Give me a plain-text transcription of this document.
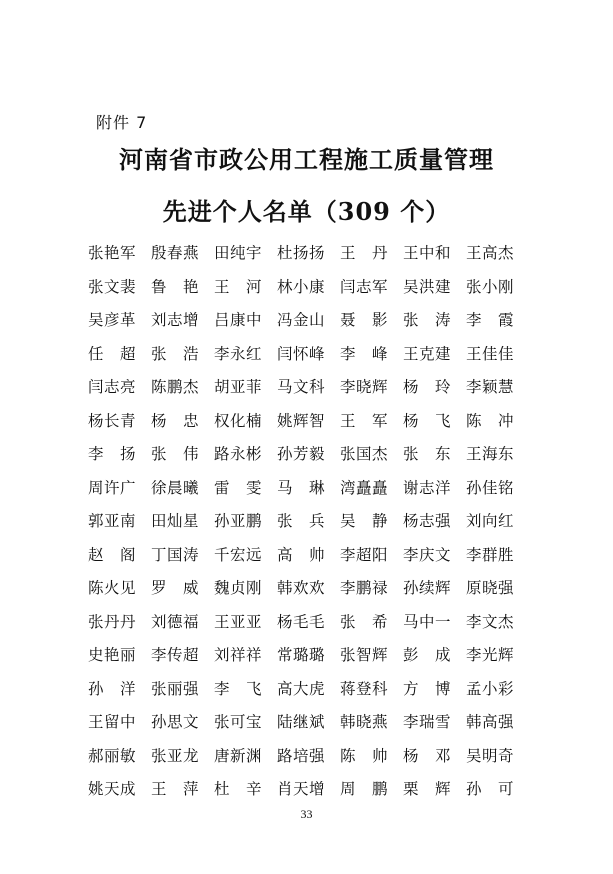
附件 7
河南省市政公用工程施工质量管理
先进个人名单（309 个）
张艳军 殷春燕 田纯宇 杜扬扬 王　丹 王中和 王高杰
张文裴 鲁　艳 王　河 林小康 闫志军 吴洪建 张小刚
吴彦革 刘志增 吕康中 冯金山 聂　影 张　涛 李　霞
任　超 张　浩 李永红 闫怀峰 李　峰 王克建 王佳佳
闫志亮 陈鹏杰 胡亚菲 马文科 李晓辉 杨　玲 李颖慧
杨长青 杨　忠 权化楠 姚辉智 王　军 杨　飞 陈　冲
李　扬 张　伟 路永彬 孙芳毅 张国杰 张　东 王海东
周许广 徐晨曦 雷　雯 马　琳 湾矗矗 谢志洋 孙佳铭
郭亚南 田灿星 孙亚鹏 张　兵 吴　静 杨志强 刘向红
赵　阁 丁国涛 千宏远 高　帅 李超阳 李庆文 李群胜
陈火见 罗　威 魏贞刚 韩欢欢 李鹏禄 孙续辉 原晓强
张丹丹 刘德福 王亚亚 杨毛毛 张　希 马中一 李文杰
史艳丽 李传超 刘祥祥 常璐璐 张智辉 彭　成 李光辉
孙　洋 张丽强 李　飞 高大虎 蒋登科 方　博 孟小彩
王留中 孙思文 张可宝 陆继斌 韩晓燕 李瑞雪 韩高强
郝丽敏 张亚龙 唐新渊 路培强 陈　帅 杨　邓 吴明奇
姚天成 王　萍 杜　辛 肖天增 周　鹏 栗　辉 孙　可
33
